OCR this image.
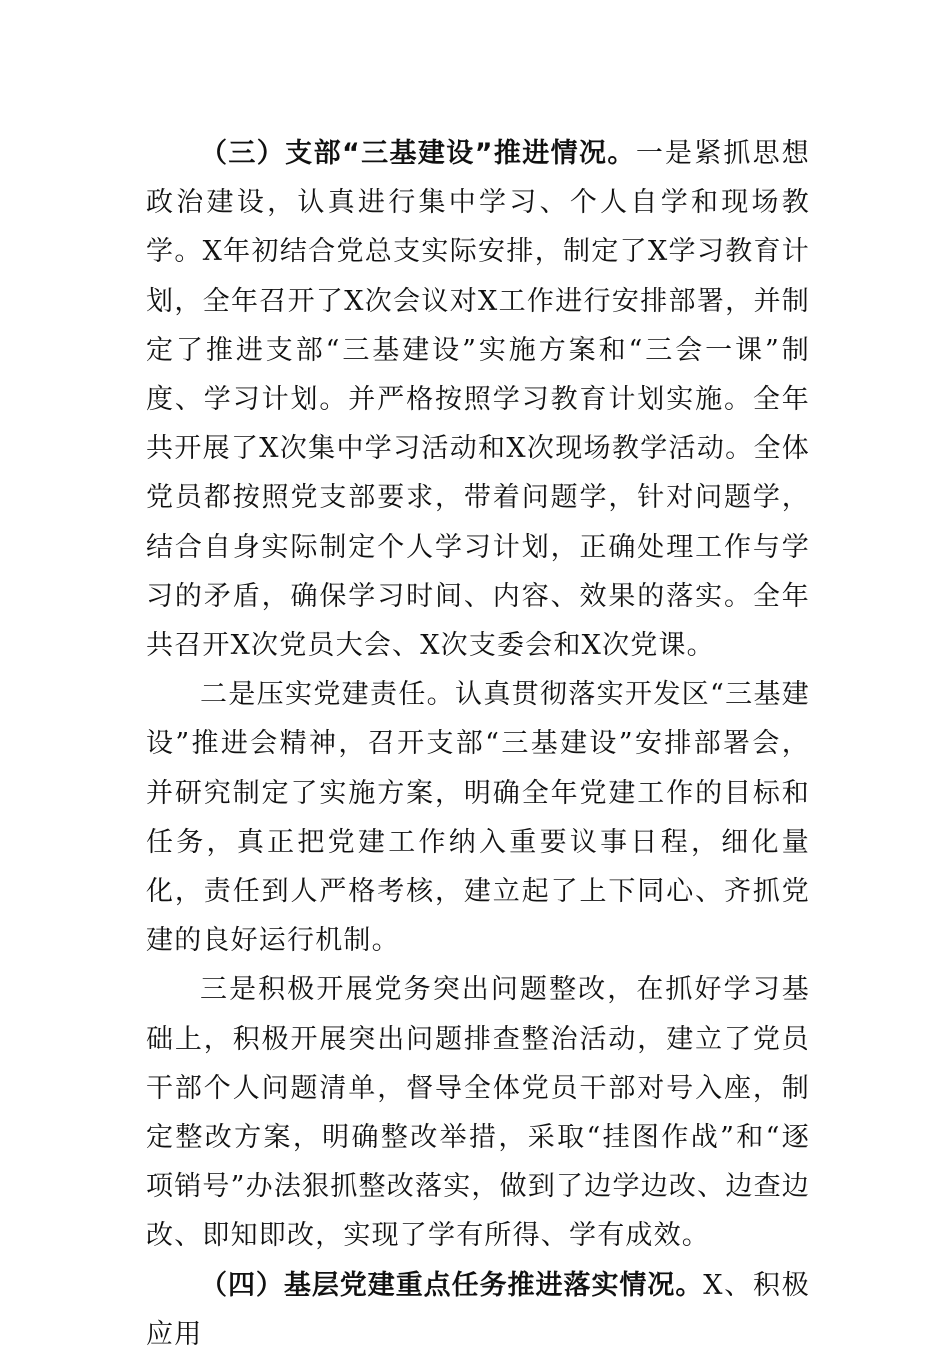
（三）支部“三基建设”推进情况。一是紧抓思想政治建设，认真进行集中学习、个人自学和现场教学。X年初结合党总支实际安排，制定了X学习教育计划，全年召开了X次会议对X工作进行安排部署，并制定了推进支部“三基建设”实施方案和“三会一课”制度、学习计划。并严格按照学习教育计划实施。全年共开展了X次集中学习活动和X次现场教学活动。全体党员都按照党支部要求，带着问题学，针对问题学，结合自身实际制定个人学习计划，正确处理工作与学习的矛盾，确保学习时间、内容、效果的落实。全年共召开X次党员大会、X次支委会和X次党课。

二是压实党建责任。认真贯彻落实开发区“三基建设”推进会精神，召开支部“三基建设”安排部署会，并研究制定了实施方案，明确全年党建工作的目标和任务，真正把党建工作纳入重要议事日程，细化量化，责任到人严格考核，建立起了上下同心、齐抓党建的良好运行机制。

三是积极开展党务突出问题整改，在抓好学习基础上，积极开展突出问题排查整治活动，建立了党员干部个人问题清单，督导全体党员干部对号入座，制定整改方案，明确整改举措，采取“挂图作战”和“逐项销号”办法狠抓整改落实，做到了边学边改、边查边改、即知即改，实现了学有所得、学有成效。

（四）基层党建重点任务推进落实情况。X、积极应用
